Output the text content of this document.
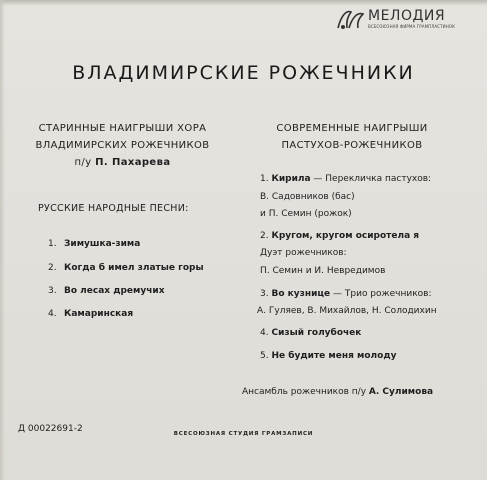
МЕЛОДИЯ
ВСЕСОЮЗНАЯ ФИРМА ГРАМПЛАСТИНОК
ВЛАДИМИРСКИЕ РОЖЕЧНИКИ
СТАРИННЫЕ НАИГРЫШИ ХОРА
ВЛАДИМИРСКИХ РОЖЕЧНИКОВ
п/у П. Пахарева
РУССКИЕ НАРОДНЫЕ ПЕСНИ:
1. Зимушка-зима
2. Когда б имел златые горы
3. Во лесах дремучих
4. Камаринская
СОВРЕМЕННЫЕ НАИГРЫШИ
ПАСТУХОВ-РОЖЕЧНИКОВ
1. Кирила — Перекличка пастухов:
В. Садовников (бас)
и П. Семин (рожок)
2. Кругом, кругом осиротела я
Дуэт рожечников:
П. Семин и И. Невредимов
3. Во кузнице — Трио рожечников:
А. Гуляев, В. Михайлов, Н. Солодихин
4. Сизый голубочек
5. Не будите меня молоду
Ансамбль рожечников п/у А. Сулимова
Д 00022691-2	ВСЕСОЮЗНАЯ СТУДИЯ ГРАМЗАПИСИ
